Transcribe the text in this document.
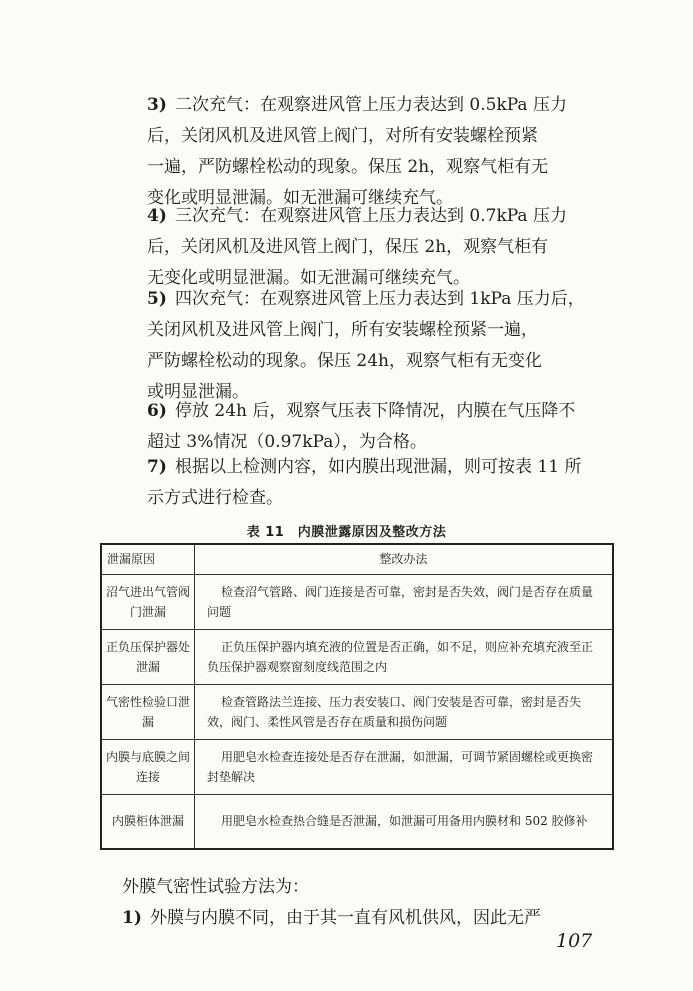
3) 二次充气：在观察进风管上压力表达到 0.5kPa 压力
后，关闭风机及进风管上阀门，对所有安装螺栓预紧
一遍，严防螺栓松动的现象。保压 2h，观察气柜有无
变化或明显泄漏。如无泄漏可继续充气。
4) 三次充气：在观察进风管上压力表达到 0.7kPa 压力
后，关闭风机及进风管上阀门，保压 2h，观察气柜有
无变化或明显泄漏。如无泄漏可继续充气。
5) 四次充气：在观察进风管上压力表达到 1kPa 压力后，
关闭风机及进风管上阀门，所有安装螺栓预紧一遍，
严防螺栓松动的现象。保压 24h，观察气柜有无变化
或明显泄漏。
6) 停放 24h 后，观察气压表下降情况，内膜在气压降不
超过 3%情况（0.97kPa），为合格。
7) 根据以上检测内容，如内膜出现泄漏，则可按表 11 所
示方式进行检查。
表 11　内膜泄露原因及整改方法
泄漏原因	整改办法
沼气进出气管阀门泄漏	检查沼气管路、阀门连接是否可靠，密封是否失效，阀门是否存在质量问题
正负压保护器处泄漏	正负压保护器内填充液的位置是否正确，如不足，则应补充填充液至正负压保护器观察窗刻度线范围之内
气密性检验口泄漏	检查管路法兰连接、压力表安装口、阀门安装是否可靠，密封是否失效，阀门、柔性风管是否存在质量和损伤问题
内膜与底膜之间连接	用肥皂水检查连接处是否存在泄漏，如泄漏，可调节紧固螺栓或更换密封垫解决
内膜柜体泄漏	用肥皂水检查热合缝是否泄漏，如泄漏可用备用内膜材和 502 胶修补
外膜气密性试验方法为：
1) 外膜与内膜不同，由于其一直有风机供风，因此无严
107
